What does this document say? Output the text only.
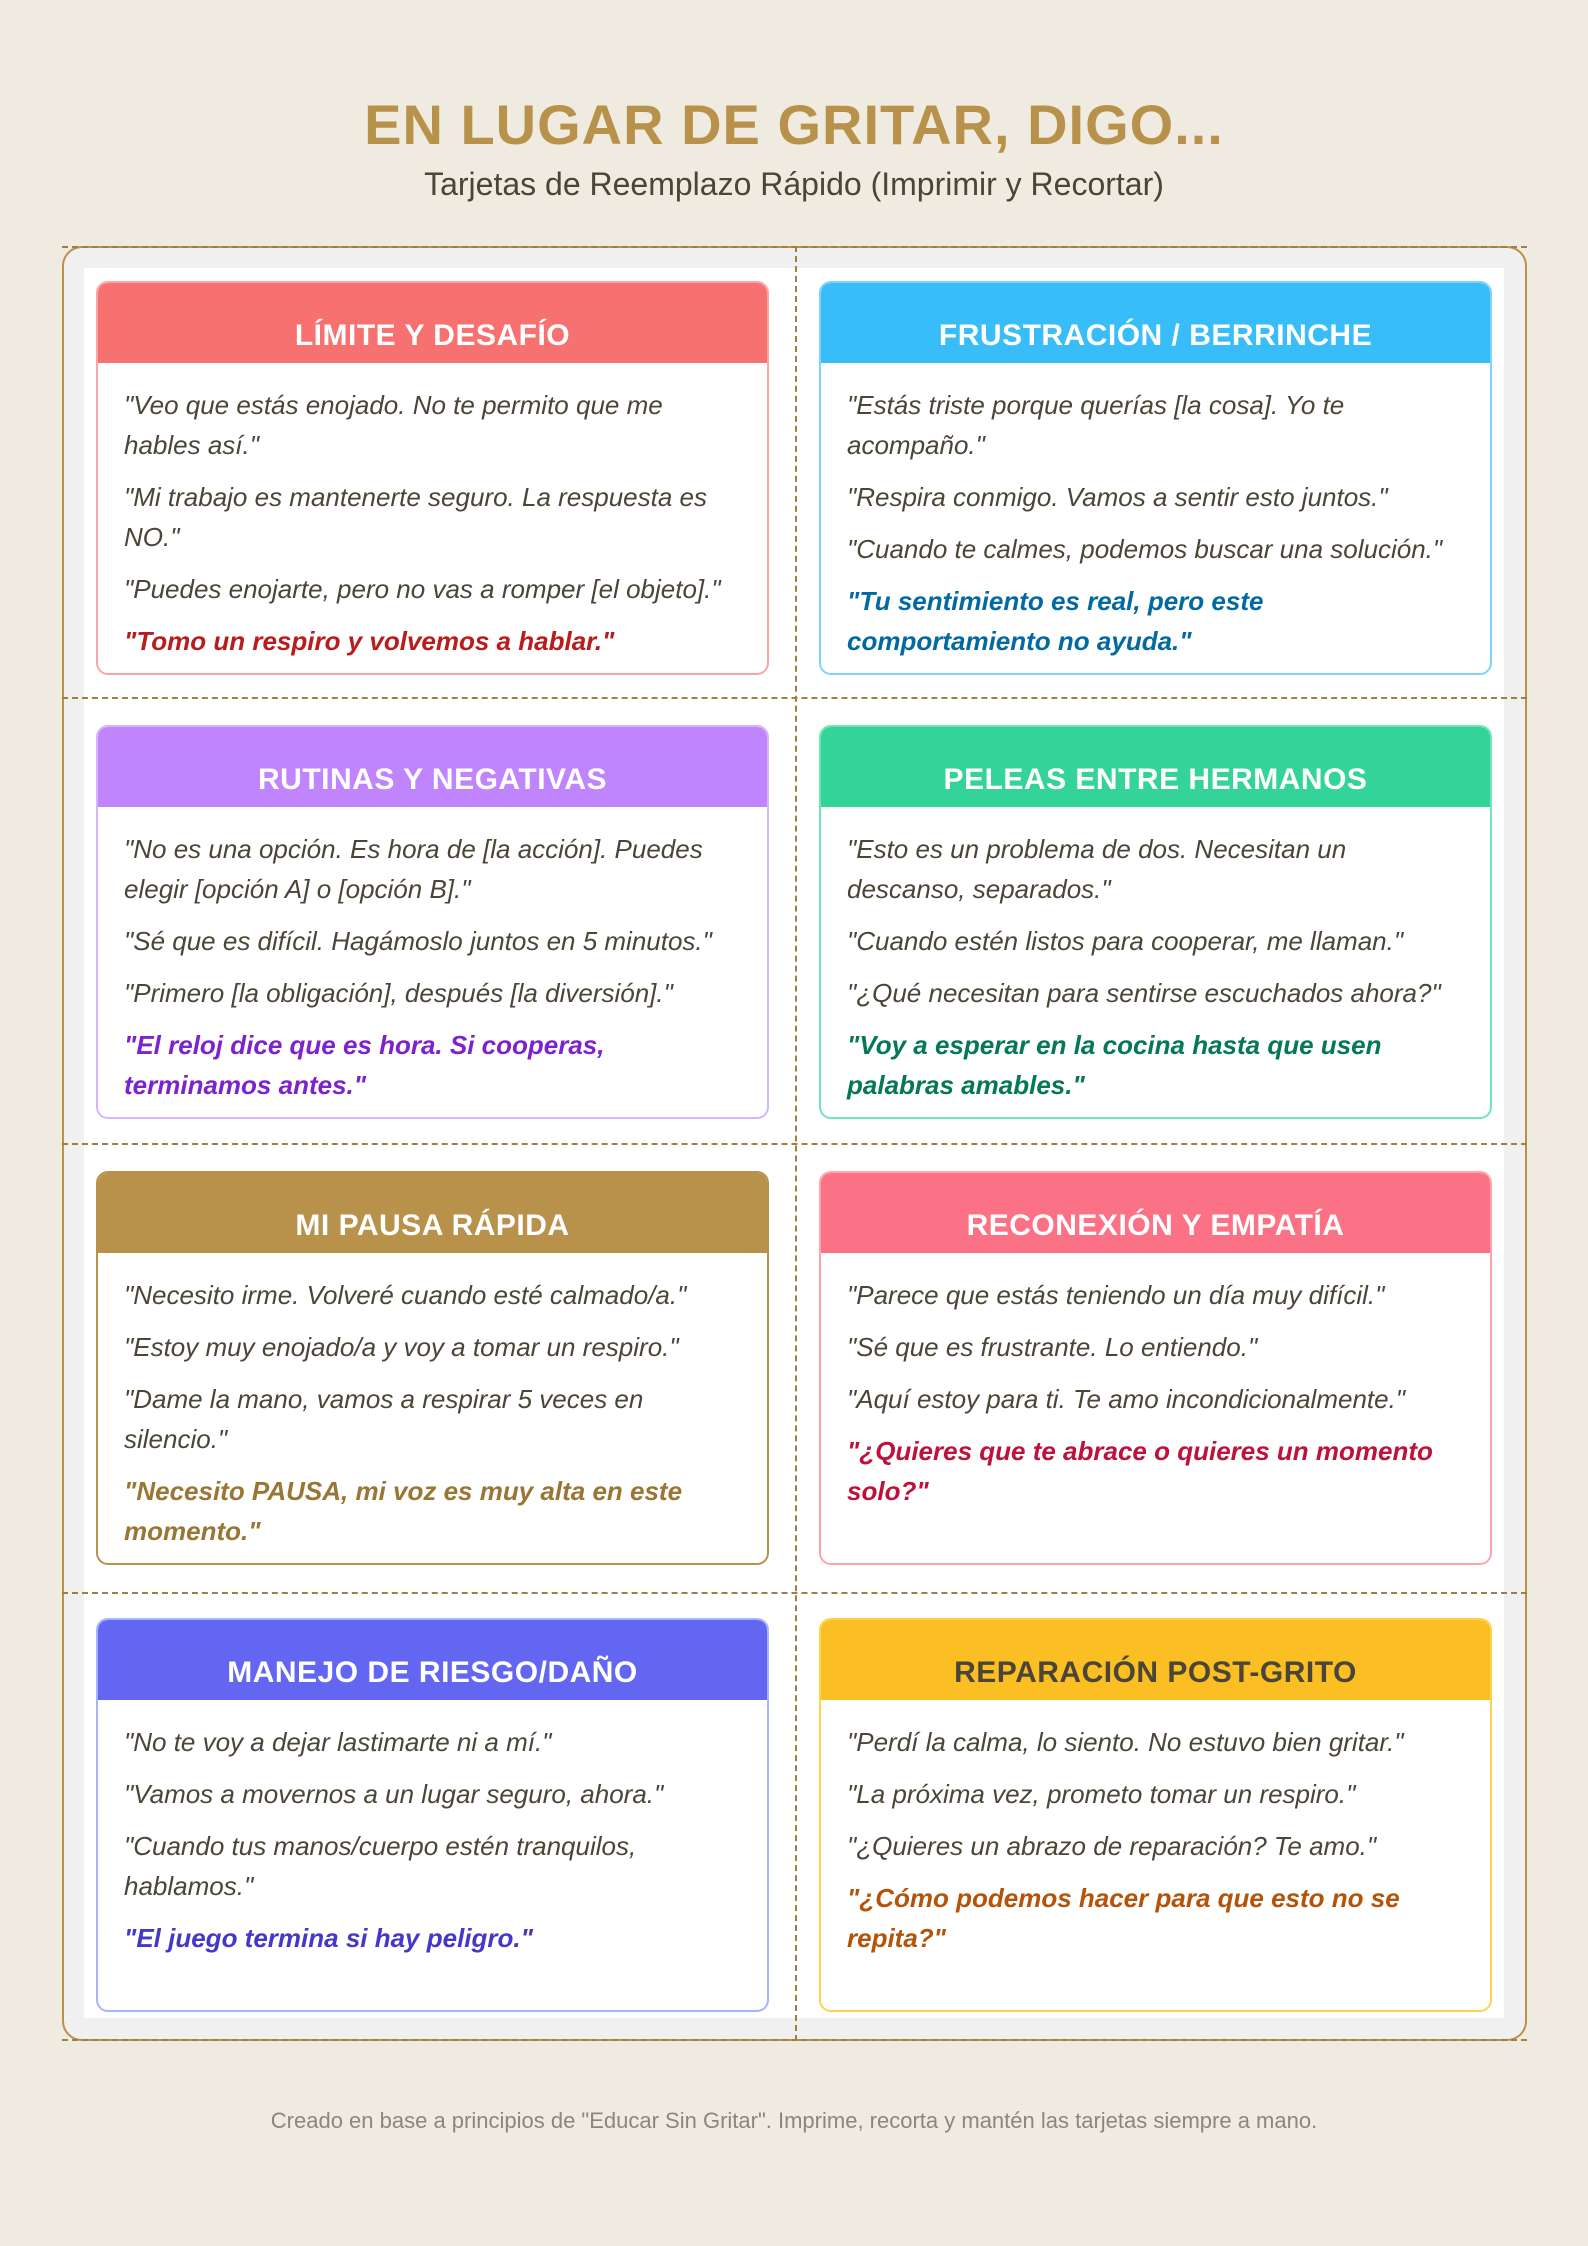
EN LUGAR DE GRITAR, DIGO...
Tarjetas de Reemplazo Rápido (Imprimir y Recortar)
LÍMITE Y DESAFÍO

"Veo que estás enojado. No te permito que me hables así."

"Mi trabajo es mantenerte seguro. La respuesta es NO."

"Puedes enojarte, pero no vas a romper [el objeto]."

"Tomo un respiro y volvemos a hablar."

FRUSTRACIÓN / BERRINCHE

"Estás triste porque querías [la cosa]. Yo te acompaño."

"Respira conmigo. Vamos a sentir esto juntos."

"Cuando te calmes, podemos buscar una solución."

"Tu sentimiento es real, pero este comportamiento no ayuda."

RUTINAS Y NEGATIVAS

"No es una opción. Es hora de [la acción]. Puedes elegir [opción A] o [opción B]."

"Sé que es difícil. Hagámoslo juntos en 5 minutos."

"Primero [la obligación], después [la diversión]."

"El reloj dice que es hora. Si cooperas, terminamos antes."

PELEAS ENTRE HERMANOS

"Esto es un problema de dos. Necesitan un descanso, separados."

"Cuando estén listos para cooperar, me llaman."

"¿Qué necesitan para sentirse escuchados ahora?"

"Voy a esperar en la cocina hasta que usen palabras amables."

MI PAUSA RÁPIDA

"Necesito irme. Volveré cuando esté calmado/a."

"Estoy muy enojado/a y voy a tomar un respiro."

"Dame la mano, vamos a respirar 5 veces en silencio."

"Necesito PAUSA, mi voz es muy alta en este momento."

RECONEXIÓN Y EMPATÍA

"Parece que estás teniendo un día muy difícil."

"Sé que es frustrante. Lo entiendo."

"Aquí estoy para ti. Te amo incondicionalmente."

"¿Quieres que te abrace o quieres un momento solo?"

MANEJO DE RIESGO/DAÑO

"No te voy a dejar lastimarte ni a mí."

"Vamos a movernos a un lugar seguro, ahora."

"Cuando tus manos/cuerpo estén tranquilos, hablamos."

"El juego termina si hay peligro."

REPARACIÓN POST-GRITO

"Perdí la calma, lo siento. No estuvo bien gritar."

"La próxima vez, prometo tomar un respiro."

"¿Quieres un abrazo de reparación? Te amo."

"¿Cómo podemos hacer para que esto no se repita?"

Creado en base a principios de "Educar Sin Gritar". Imprime, recorta y mantén las tarjetas siempre a mano.
